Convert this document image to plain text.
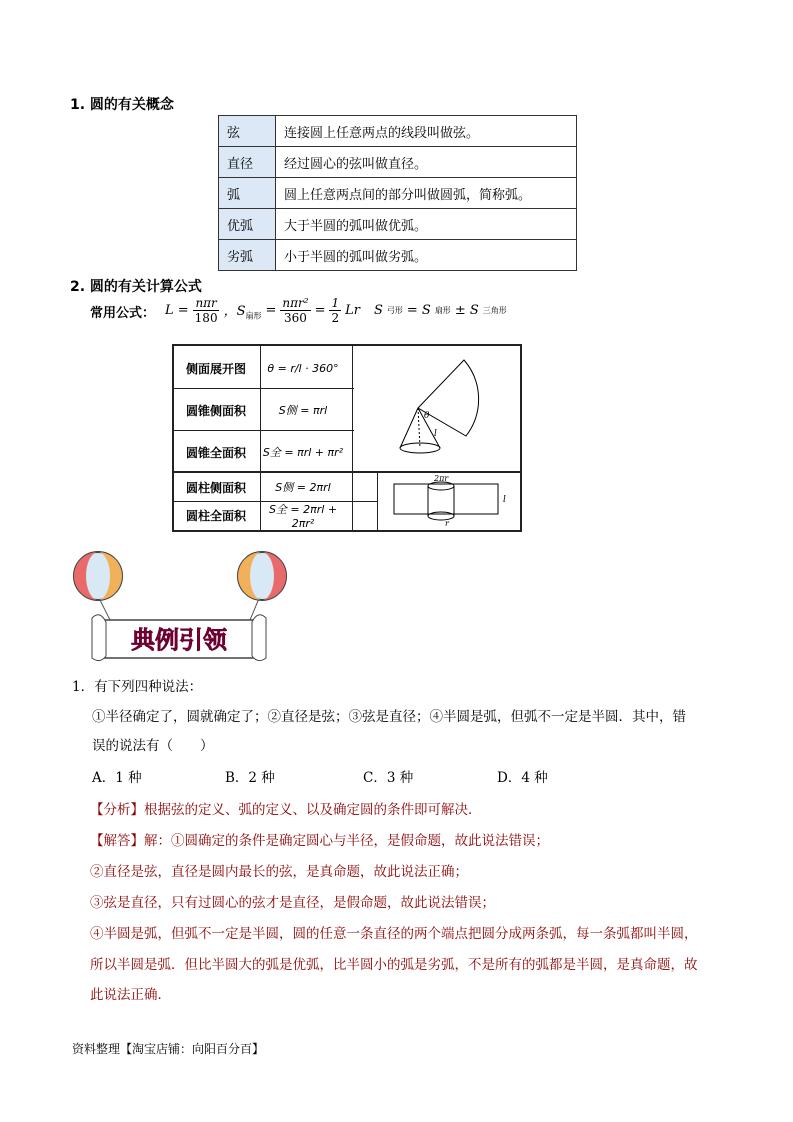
1. 圆的有关概念
弦	连接圆上任意两点的线段叫做弦。
直径	经过圆心的弦叫做直径。
弧	圆上任意两点间的部分叫做圆弧，简称弧。
优弧	大于半圆的弧叫做优弧。
劣弧	小于半圆的弧叫做劣弧。
2. 圆的有关计算公式
常用公式： $L = \frac{\text{nπr}}{180}$ ，$S_{扇形} = \frac{\text{nπr²}}{360} = \frac{1}{2}$ Lr S 弓形 = S 扇形 ± S 三角形
侧面展开图	θ = r/l · 360°
圆锥侧面积	S侧 = πrl
圆锥全面积	S全 = πrl + πr²
圆柱侧面积	S侧 = 2πrl
圆柱全面积	S全 = 2πrl + 2πr²
θ
l
2πr
l
r
典例引领
1．有下列四种说法：
①半径确定了，圆就确定了；②直径是弦；③弦是直径；④半圆是弧，但弧不一定是半圆．其中，错
误的说法有（　　）
A．1 种	B．2 种	C．3 种	D．4 种
【分析】根据弦的定义、弧的定义、以及确定圆的条件即可解决．
【解答】解：①圆确定的条件是确定圆心与半径，是假命题，故此说法错误；
②直径是弦，直径是圆内最长的弦，是真命题，故此说法正确；
③弦是直径，只有过圆心的弦才是直径，是假命题，故此说法错误；
④半圆是弧，但弧不一定是半圆，圆的任意一条直径的两个端点把圆分成两条弧，每一条弧都叫半圆，
所以半圆是弧．但比半圆大的弧是优弧，比半圆小的弧是劣弧，不是所有的弧都是半圆，是真命题，故
此说法正确．
资料整理【淘宝店铺：向阳百分百】
